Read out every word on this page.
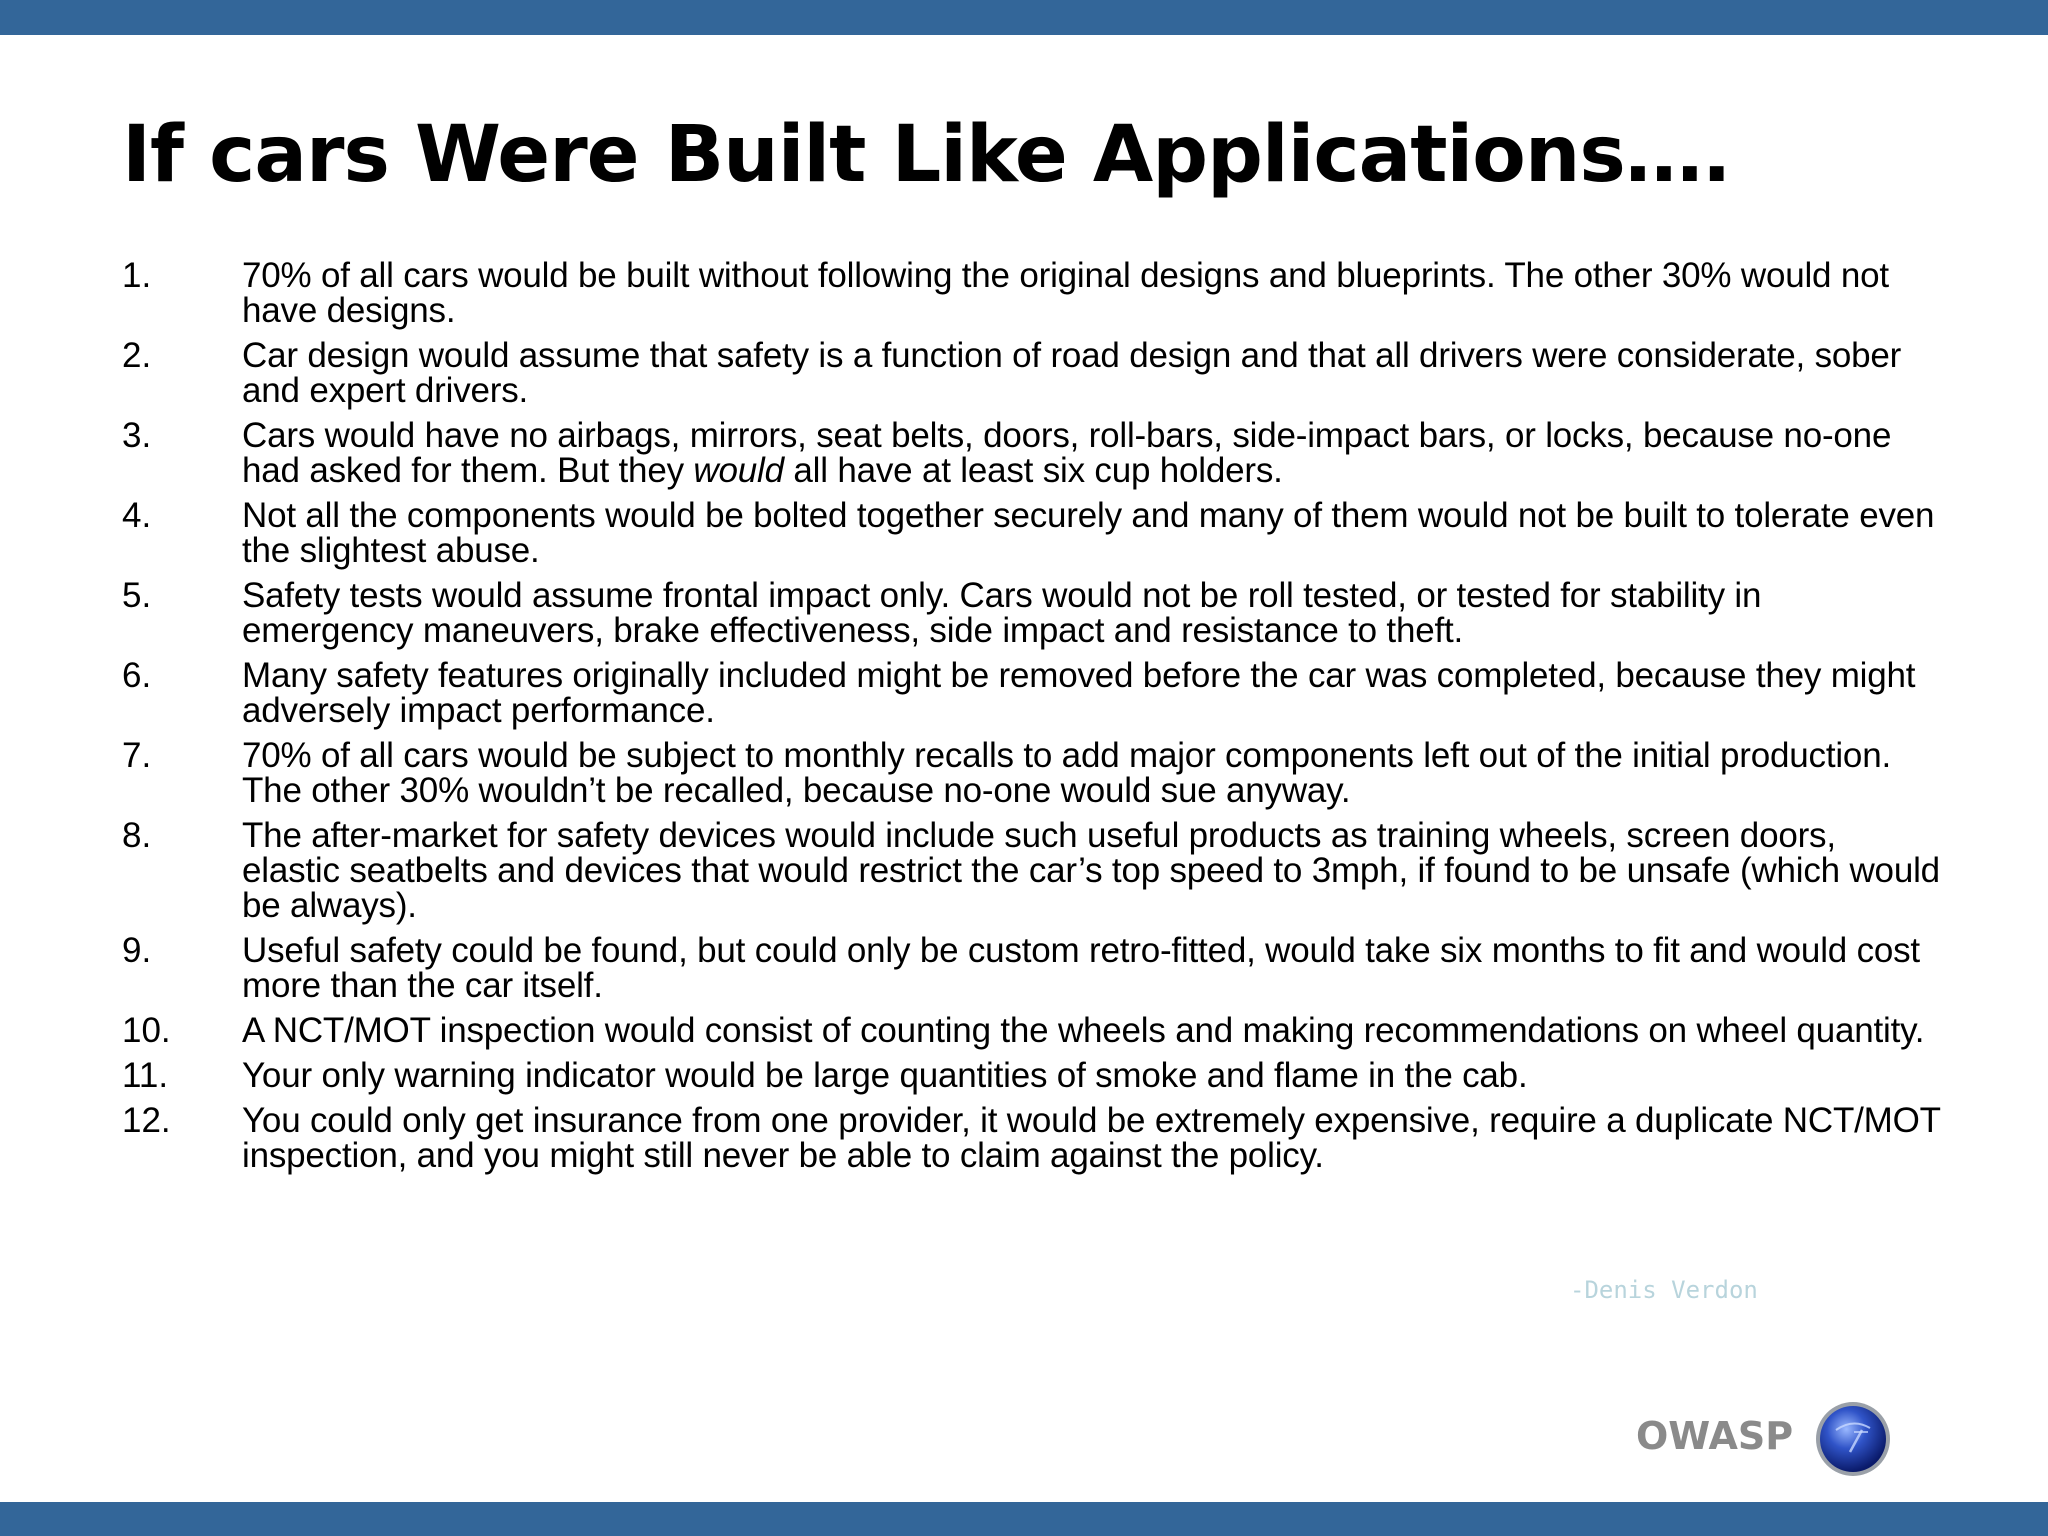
If cars Were Built Like Applications….
1.	70% of all cars would be built without following the original designs and blueprints. The other 30% would not have designs.
2.	Car design would assume that safety is a function of road design and that all drivers were considerate, sober and expert drivers.
3.	Cars would have no airbags, mirrors, seat belts, doors, roll-bars, side-impact bars, or locks, because no-one had asked for them. But they would all have at least six cup holders.
4.	Not all the components would be bolted together securely and many of them would not be built to tolerate even the slightest abuse.
5.	Safety tests would assume frontal impact only. Cars would not be roll tested, or tested for stability in emergency maneuvers, brake effectiveness, side impact and resistance to theft.
6.	Many safety features originally included might be removed before the car was completed, because they might adversely impact performance.
7.	70% of all cars would be subject to monthly recalls to add major components left out of the initial production. The other 30% wouldn’t be recalled, because no-one would sue anyway.
8.	The after-market for safety devices would include such useful products as training wheels, screen doors, elastic seatbelts and devices that would restrict the car’s top speed to 3mph, if found to be unsafe (which would be always).
9.	Useful safety could be found, but could only be custom retro-fitted, would take six months to fit and would cost more than the car itself.
10.	A NCT/MOT inspection would consist of counting the wheels and making recommendations on wheel quantity.
11.	Your only warning indicator would be large quantities of smoke and flame in the cab.
12.	You could only get insurance from one provider, it would be extremely expensive, require a duplicate NCT/MOT inspection, and you might still never be able to claim against the policy.
-Denis Verdon
OWASP
